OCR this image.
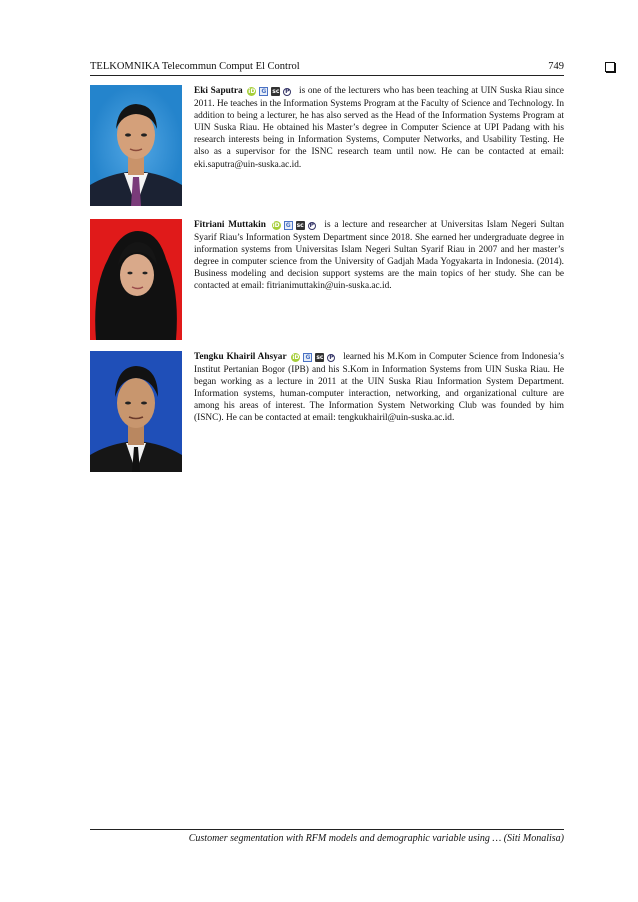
TELKOMNIKA Telecommun Comput El Control	749
Eki Saputra iD G sc P is one of the lecturers who has been teaching at UIN Suska Riau since 2011. He teaches in the Information Systems Program at the Faculty of Science and Technology. In addition to being a lecturer, he has also served as the Head of the Information Systems Program at UIN Suska Riau. He obtained his Master’s degree in Computer Science at UPI Padang with his research interests being in Information Systems, Computer Networks, and Usability Testing. He also as a supervisor for the ISNC research team until now. He can be contacted at email: eki.saputra@uin-suska.ac.id.
Fitriani Muttakin iD G sc P is a lecture and researcher at Universitas Islam Negeri Sultan Syarif Riau’s Information System Department since 2018. She earned her undergraduate degree in information systems from Universitas Islam Negeri Sultan Syarif Riau in 2007 and her master’s degree in computer science from the University of Gadjah Mada Yogyakarta in Indonesia. (2014). Business modeling and decision support systems are the main topics of her study. She can be contacted at email: fitrianimuttakin@uin-suska.ac.id.
Tengku Khairil Ahsyar iD G sc P learned his M.Kom in Computer Science from Indonesia’s Institut Pertanian Bogor (IPB) and his S.Kom in Information Systems from UIN Suska Riau. He began working as a lecture in 2011 at the UIN Suska Riau Information System Department. Information systems, human-computer interaction, networking, and organizational culture are among his areas of interest. The Information System Networking Club was founded by him (ISNC). He can be contacted at email: tengkukhairil@uin-suska.ac.id.
Customer segmentation with RFM models and demographic variable using … (Siti Monalisa)
